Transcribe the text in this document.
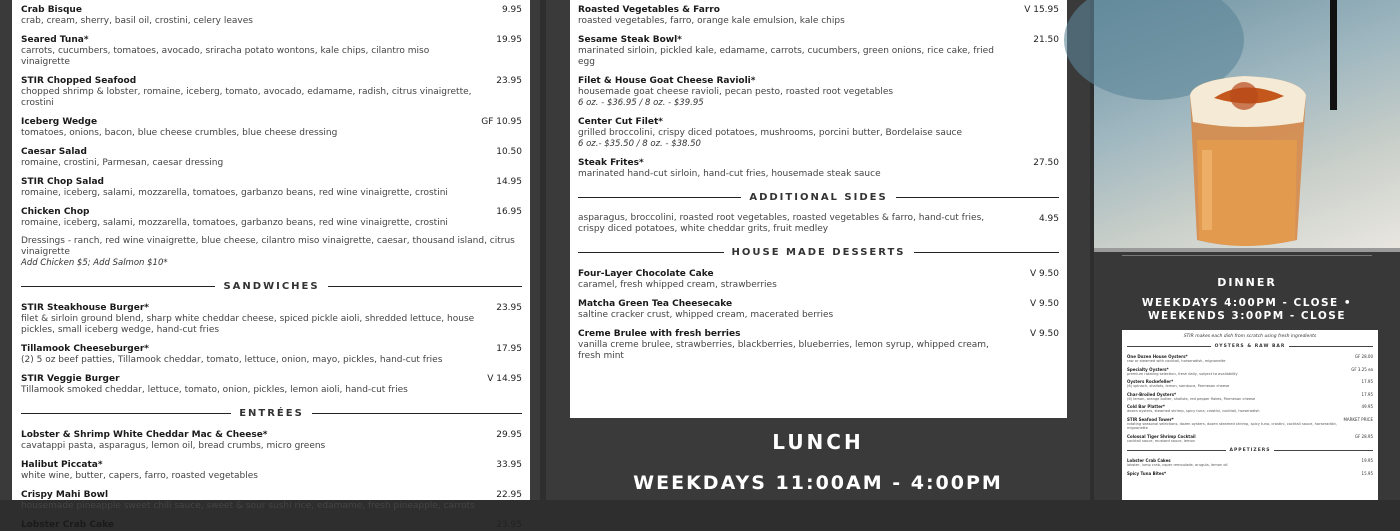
Crab Bisque
crab, cream, sherry, basil oil, crostini, celery leaves
9.95
Seared Tuna*
carrots, cucumbers, tomatoes, avocado, sriracha potato wontons, kale chips, cilantro miso vinaigrette
19.95
STIR Chopped Seafood
chopped shrimp & lobster, romaine, iceberg, tomato, avocado, edamame, radish, citrus vinaigrette, crostini
23.95
Iceberg Wedge
tomatoes, onions, bacon, blue cheese crumbles, blue cheese dressing
GF 10.95
Caesar Salad
romaine, crostini, Parmesan, caesar dressing
10.50
STIR Chop Salad
romaine, iceberg, salami, mozzarella, tomatoes, garbanzo beans, red wine vinaigrette, crostini
14.95
Chicken Chop
romaine, iceberg, salami, mozzarella, tomatoes, garbanzo beans, red wine vinaigrette, crostini
16.95
Dressings - ranch, red wine vinaigrette, blue cheese, cilantro miso vinaigrette, caesar, thousand island, citrus vinaigrette
Add Chicken $5; Add Salmon $10*
SANDWICHES
STIR Steakhouse Burger*
filet & sirloin ground blend, sharp white cheddar cheese, spiced pickle aioli, shredded lettuce, house pickles, small iceberg wedge, hand-cut fries
23.95
Tillamook Cheeseburger*
(2) 5 oz beef patties, Tillamook cheddar, tomato, lettuce, onion, mayo, pickles, hand-cut fries
17.95
STIR Veggie Burger
Tillamook smoked cheddar, lettuce, tomato, onion, pickles, lemon aioli, hand-cut fries
V 14.95
ENTRÉES
Lobster & Shrimp White Cheddar Mac & Cheese*
cavatappi pasta, asparagus, lemon oil, bread crumbs, micro greens
29.95
Halibut Piccata*
white wine, butter, capers, farro, roasted vegetables
33.95
Crispy Mahi Bowl
housemade pineapple sweet chili sauce, sweet & sour sushi rice, edamame, fresh pineapple, carrots
22.95
Lobster Crab Cake	23.95
Roasted Vegetables & Farro
roasted vegetables, farro, orange kale emulsion, kale chips
V 15.95
Sesame Steak Bowl*
marinated sirloin, pickled kale, edamame, carrots, cucumbers, green onions, rice cake, fried egg
21.50
Filet & House Goat Cheese Ravioli*
housemade goat cheese ravioli, pecan pesto, roasted root vegetables
6 oz. - $36.95 / 8 oz. - $39.95
Center Cut Filet*
grilled broccolini, crispy diced potatoes, mushrooms, porcini butter, Bordelaise sauce
6 oz.- $35.50 / 8 oz. - $38.50
Steak Frites*
marinated hand-cut sirloin, hand-cut fries, housemade steak sauce
27.50
ADDITIONAL SIDES
asparagus, broccolini, roasted root vegetables, roasted vegetables & farro, hand-cut fries, crispy diced potatoes, white cheddar grits, fruit medley
4.95
HOUSE MADE DESSERTS
Four-Layer Chocolate Cake
caramel, fresh whipped cream, strawberries
V 9.50
Matcha Green Tea Cheesecake
saltine cracker crust, whipped cream, macerated berries
V 9.50
Creme Brulee with fresh berries
vanilla creme brulee, strawberries, blackberries, blueberries, lemon syrup, whipped cream, fresh mint
V 9.50
LUNCH
WEEKDAYS 11:00AM - 4:00PM
DINNER
WEEKDAYS 4:00PM - CLOSE • WEEKENDS 3:00PM - CLOSE
STIR makes each dish from scratch using fresh ingredients
OYSTERS & RAW BAR
One Dozen House Oysters*
raw or steamed with cocktail, horseradish, mignonette
GF 28.00
Specialty Oysters*
premium rotating selection, fresh daily, subject to availability
GF 3.25 ea
Oysters Rockefeller*
(6) spinach, shallots, lemon, sambuca, Parmesan cheese
17.95
Char-Broiled Oysters*
(6) lemon, orange butter, shallots, red pepper flakes, Parmesan cheese
17.95
Cold Bar Platter*
dozen oysters, steamed shrimp, spicy tuna, crostini, cocktail, horseradish
49.95
STIR Seafood Tower*
rotating seasonal selections, dozen oysters, dozen steamed shrimp, spicy tuna, crostini, cocktail sauce, horseradish, mignonette
MARKET PRICE
Colossal Tiger Shrimp Cocktail
cocktail sauce, mustard sauce, lemon
GF 28.95
APPETIZERS
Lobster Crab Cakes
lobster, lump crab, caper remoulade, arugula, lemon oil
19.95
Spicy Tuna Bites*	15.95
